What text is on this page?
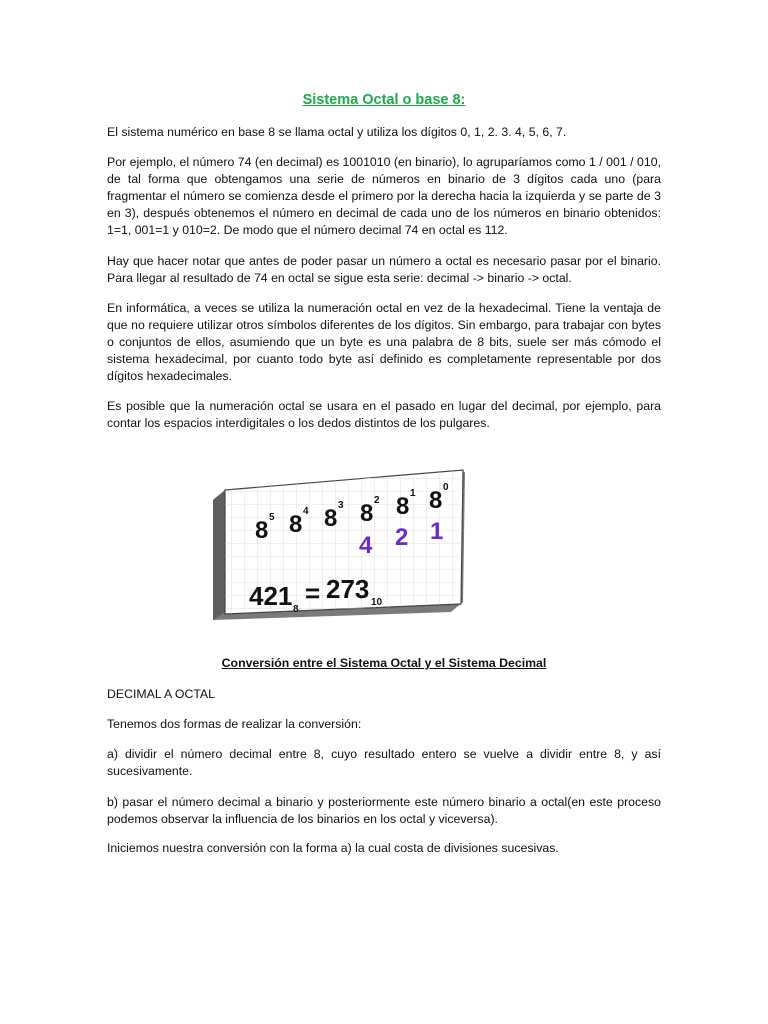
Sistema Octal o base 8:

El sistema numérico en base 8 se llama octal y utiliza los dígitos 0, 1, 2. 3. 4, 5, 6, 7.

Por ejemplo, el número 74 (en decimal) es 1001010 (en binario), lo agruparíamos como 1 / 001 / 010, de tal forma que obtengamos una serie de números en binario de 3 dígitos cada uno (para fragmentar el número se comienza desde el primero por la derecha hacia la izquierda y se parte de 3 en 3), después obtenemos el número en decimal de cada uno de los números en binario obtenidos: 1=1, 001=1 y 010=2. De modo que el número decimal 74 en octal es 112.

Hay que hacer notar que antes de poder pasar un número a octal es necesario pasar por el binario. Para llegar al resultado de 74 en octal se sigue esta serie: decimal -> binario -> octal.

En informática, a veces se utiliza la numeración octal en vez de la hexadecimal. Tiene la ventaja de que no requiere utilizar otros símbolos diferentes de los dígitos. Sin embargo, para trabajar con bytes o conjuntos de ellos, asumiendo que un byte es una palabra de 8 bits, suele ser más cómodo el sistema hexadecimal, por cuanto todo byte así definido es completamente representable por dos dígitos hexadecimales.

Es posible que la numeración octal se usara en el pasado en lugar del decimal, por ejemplo, para contar los espacios interdigitales o los dedos distintos de los pulgares.

8 5 8 4 8 3 8 2 8 1 8 0
4 2 1
421 8
= 273 10
Conversión entre el Sistema Octal y el Sistema Decimal

DECIMAL A OCTAL

Tenemos dos formas de realizar la conversión:

a) dividir el número decimal entre 8, cuyo resultado entero se vuelve a dividir entre 8, y así sucesivamente.

b) pasar el número decimal a binario y posteriormente este número binario a octal(en este proceso podemos observar la influencia de los binarios en los octal y viceversa).

Iniciemos nuestra conversión con la forma a) la cual costa de divisiones sucesivas.
